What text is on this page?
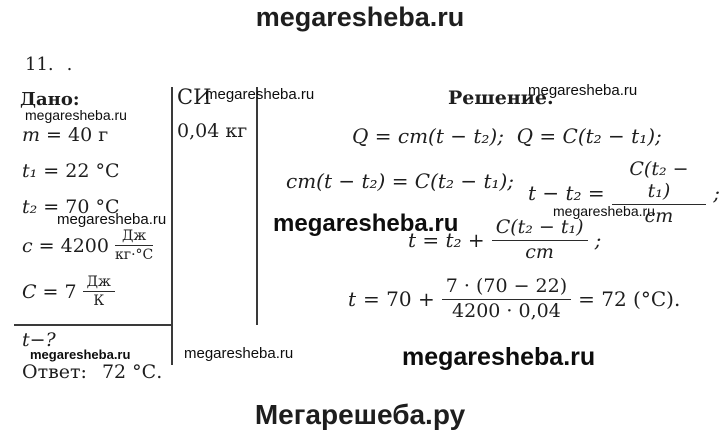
megaresheba.ru
11. .
Дано:
megaresheba.ru
m = 40 г
t₁ = 22 °C
t₂ = 70 °C
megaresheba.ru
$c = 4200 \frac{Дж}{кг\cdot^\circ C}$
$C = 7 \frac{Дж}{К}$
t−?
megaresheba.ru
Ответ: 72 °С.
СИ
megaresheba.ru
0,04 кг
megaresheba.ru
Решение.
megaresheba.ru
Q = cm(t − t₂);  Q = C(t₂ − t₁);
cm(t − t₂) = C(t₂ − t₁);
$t - t_2 = \frac{\text{C(t₂ − t₁)}}{cm}$ ;
megaresheba.ru
megaresheba.ru
$t = t_2 + \frac{\text{C(t₂ − t₁)}}{cm}$ ;
$t = 70 + \frac{7 \cdot (70 - 22)}{4200 \cdot 0,04} = 72$ (°C).
megaresheba.ru
Мегарешеба.ру
